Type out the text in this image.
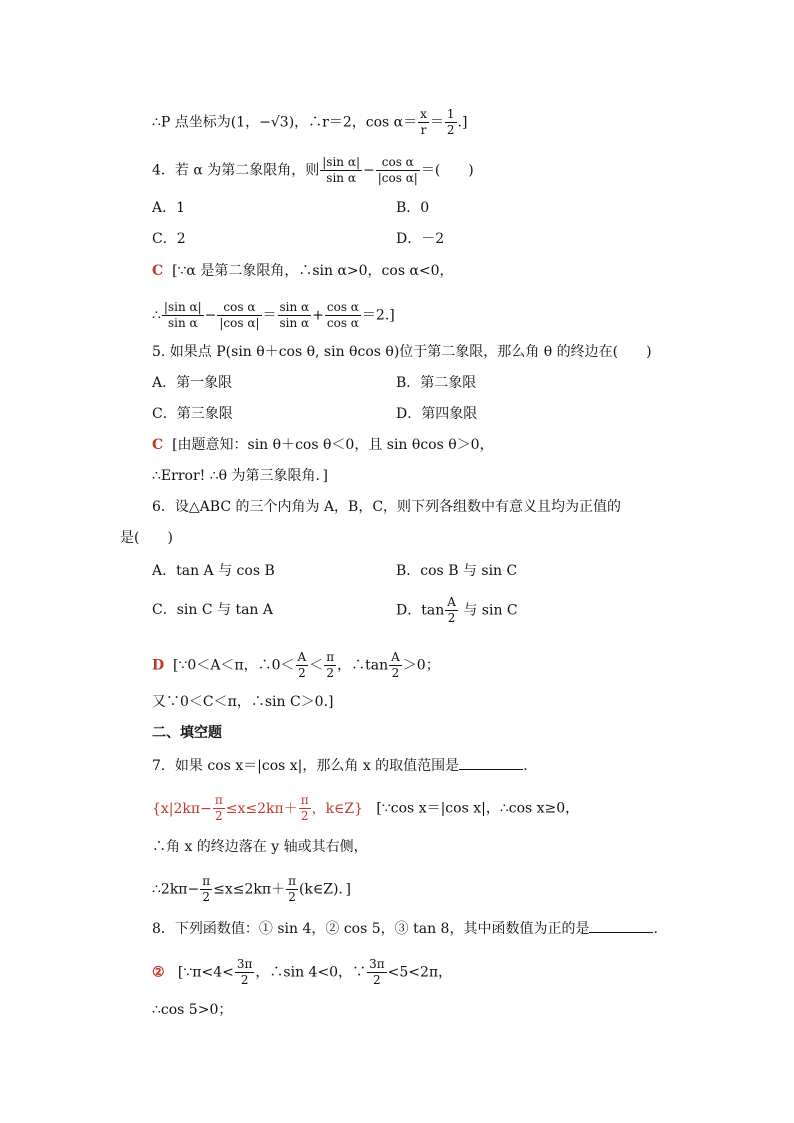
∴P 点坐标为(1，−√3)，∴r＝2，$\cos \alpha= \frac{x}{r} = \frac{1}{2}$ .]
4．若 α 为第二象限角，则 $\frac{\text{|sin α|}}{\text{sin α}} - \frac{\text{cos α}}{\text{|cos α|}}$ ＝(　　)
A．1	B．0
C．2	D．－2
C [∵α 是第二象限角，∴sin α>0，cos α<0，
∴ $\frac{\text{|sin α|}}{\text{sin α}} - \frac{\text{cos α}}{\text{|cos α|}} = \frac{\text{sin α}}{\text{sin α}} + \frac{\text{cos α}}{\text{cos α}} =2$.]
5. 如果点 P(sin θ＋cos θ, sin θcos θ)位于第二象限，那么角 θ 的终边在(　　)
A．第一象限	B．第二象限
C．第三象限	D．第四象限
C [由题意知：sin θ＋cos θ＜0，且 sin θcos θ＞0，
∴Error! ∴θ 为第三象限角．]
6．设△ABC 的三个内角为 A，B，C，则下列各组数中有意义且均为正值的
是(　　)
A．tan A 与 cos B	B．cos B 与 sin C
C．sin C 与 tan A	D．$\tan \frac{A}{2}$ 与 sin C
D [∵0＜A＜π，∴0＜ $\frac{A}{2} < \frac{\pi}{2}$ ，∴tan $\frac{A}{2} >0$；
又∵0＜C＜π，∴sin C＞0.]
二、填空题
7．如果 cos x＝|cos x|，那么角 x 的取值范围是	.
{$x|2k\pi- \frac{\pi}{2} \le x\le 2k\pi+ \frac{\pi}{2}$ ，k∈Z} [∵cos x＝|cos x|，∴cos x≥0，
∴角 x 的终边落在 y 轴或其右侧，
∴2kπ− $\frac{\pi}{2} \le x\le 2k\pi+ \frac{\pi}{2}$ (k∈Z)．]
8．下列函数值：① sin 4，② cos 5，③ tan 8，其中函数值为正的是	.
② [∵π<4< $\frac{3\pi}{2}$ ，∴sin 4<0，∵ $\frac{3\pi}{2} <5<2\pi$，
∴cos 5>0；
